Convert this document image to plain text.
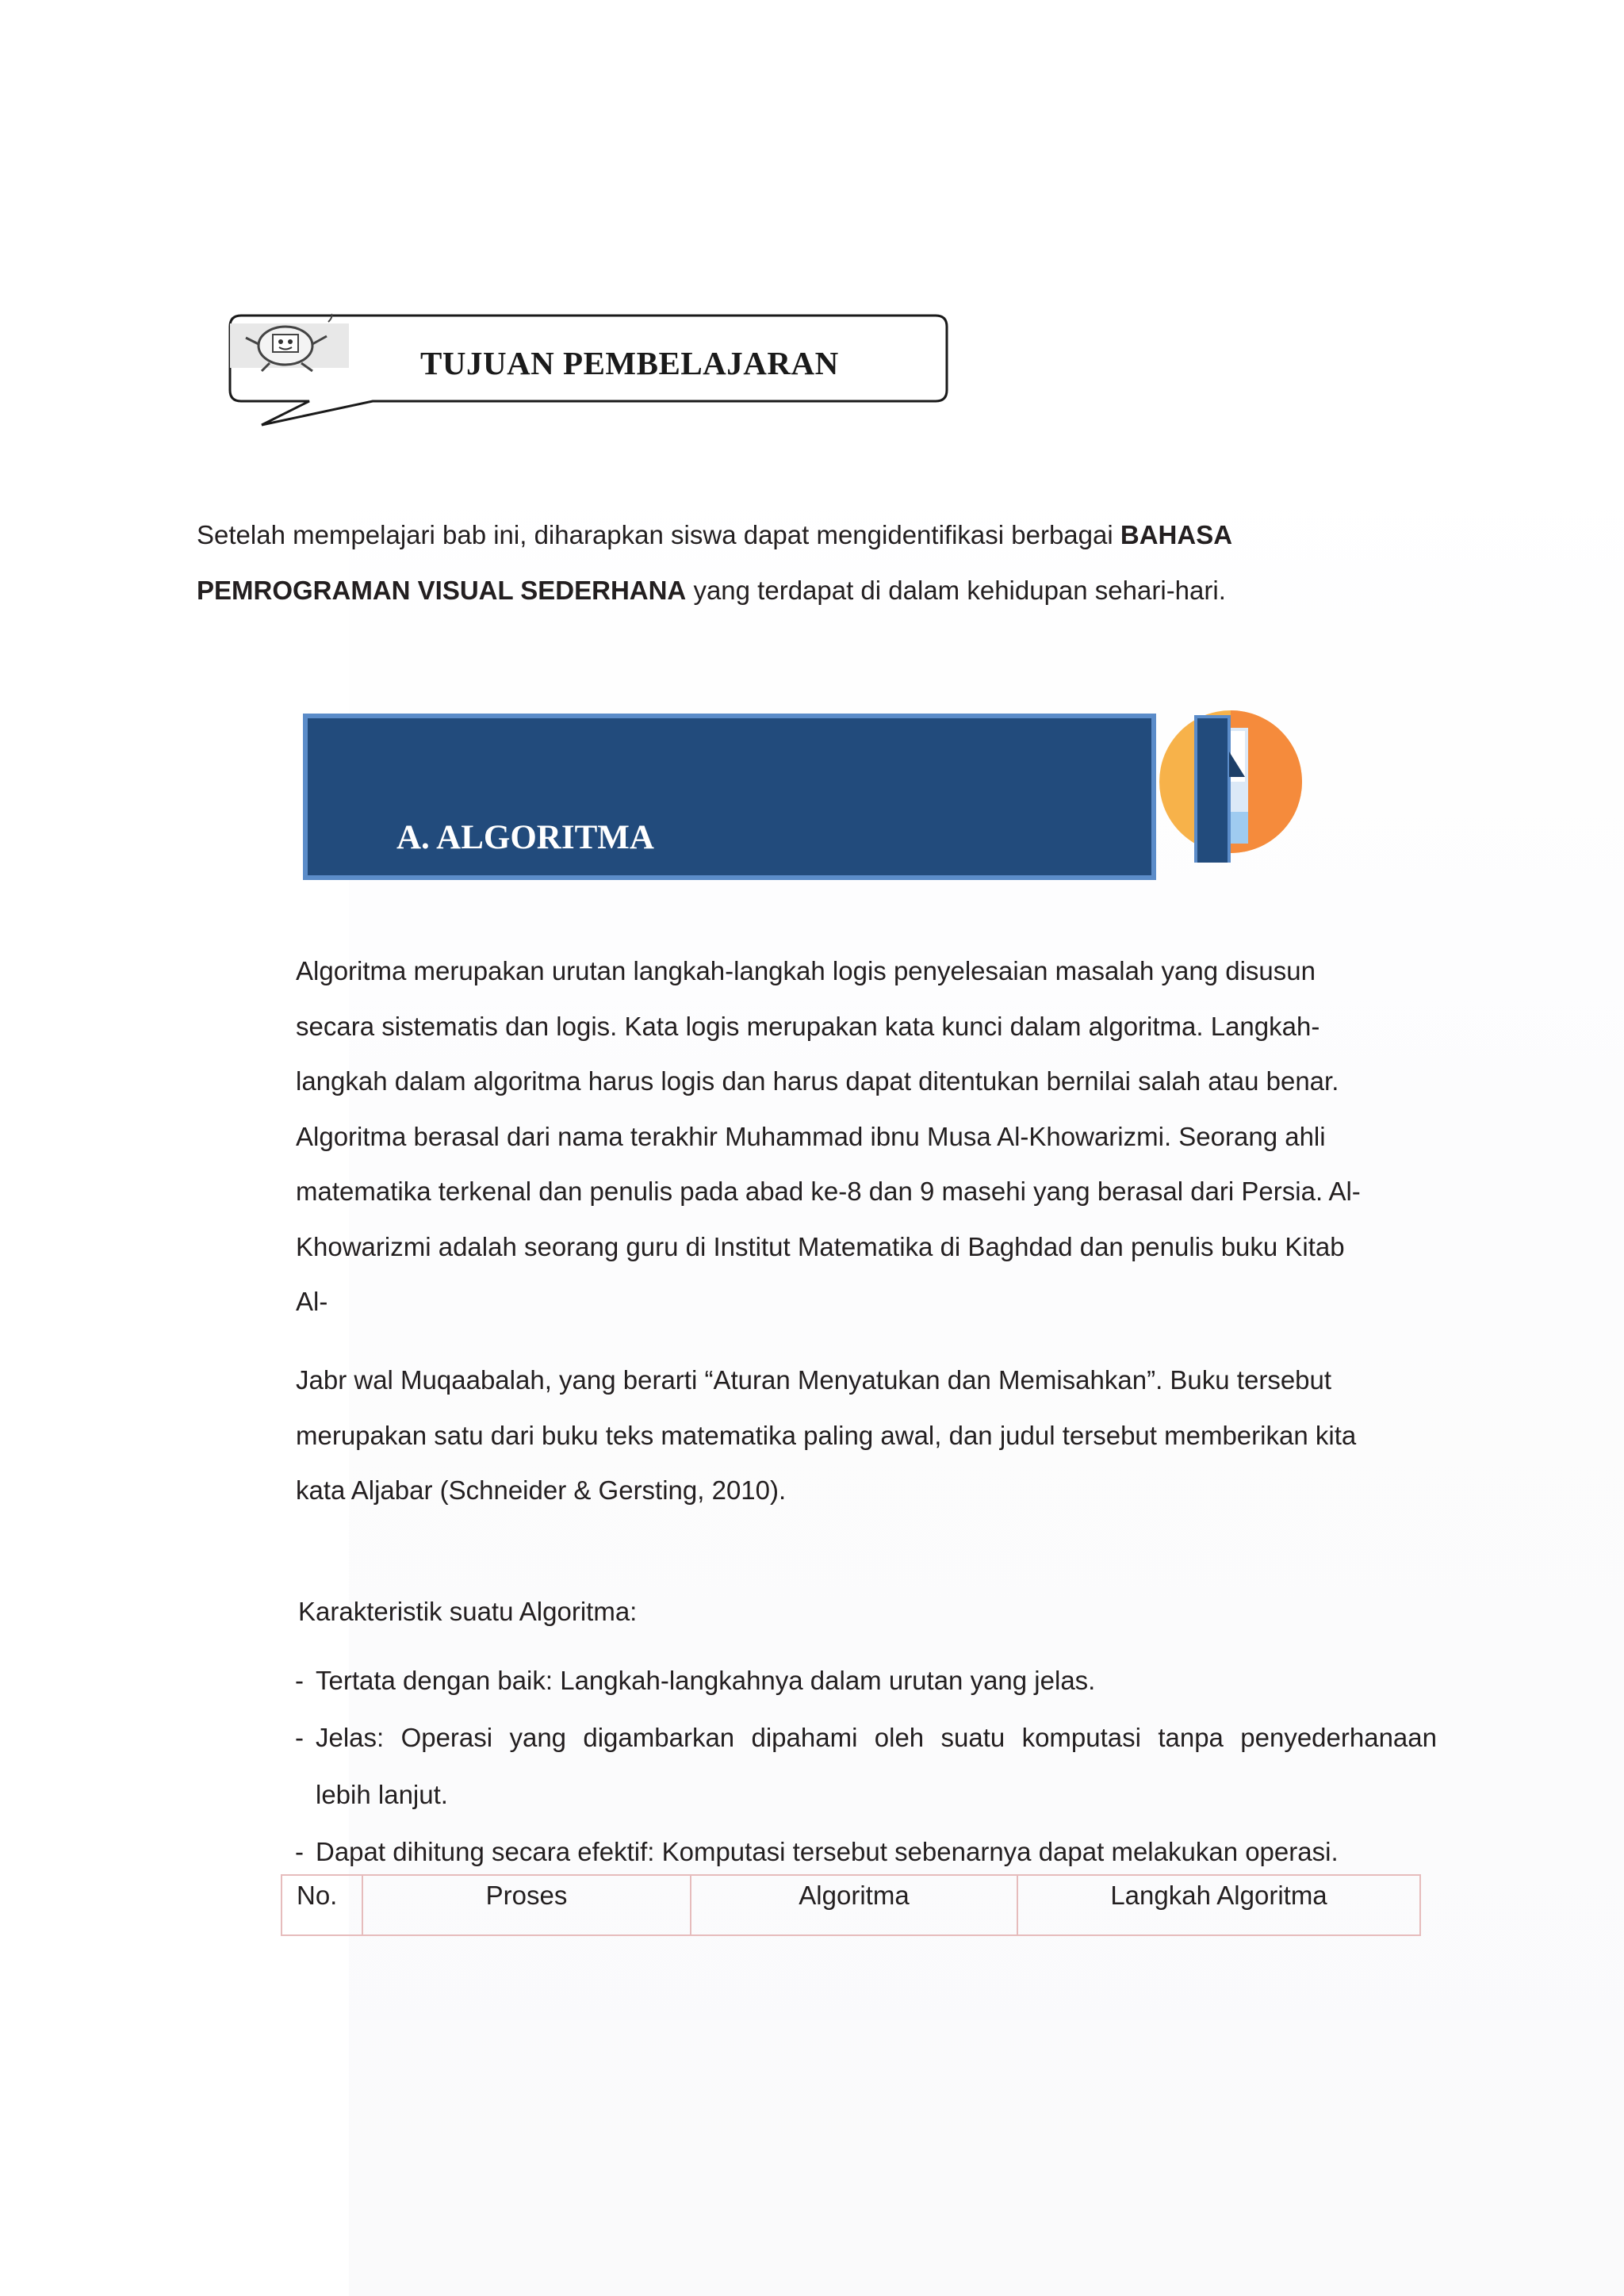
TUJUAN PEMBELAJARAN
Setelah mempelajari bab ini, diharapkan siswa dapat mengidentifikasi berbagai BAHASA
PEMROGRAMAN VISUAL SEDERHANA yang terdapat di dalam kehidupan sehari-hari.
A. ALGORITMA
Algoritma merupakan urutan langkah-langkah logis penyelesaian masalah yang disusun
secara sistematis dan logis. Kata logis merupakan kata kunci dalam algoritma. Langkah-
langkah dalam algoritma harus logis dan harus dapat ditentukan bernilai salah atau benar.
Algoritma berasal dari nama terakhir Muhammad ibnu Musa Al-Khowarizmi. Seorang ahli
matematika terkenal dan penulis pada abad ke-8 dan 9 masehi yang berasal dari Persia. Al-
Khowarizmi adalah seorang guru di Institut Matematika di Baghdad dan penulis buku Kitab
Al-
Jabr wal Muqaabalah, yang berarti “Aturan Menyatukan dan Memisahkan”. Buku tersebut
merupakan satu dari buku teks matematika paling awal, dan judul tersebut memberikan kita
kata Aljabar (Schneider & Gersting, 2010).
Karakteristik suatu Algoritma:
- Tertata dengan baik: Langkah-langkahnya dalam urutan yang jelas.
- Jelas: Operasi yang digambarkan dipahami oleh suatu komputasi tanpa penyederhanaan
lebih lanjut.
- Dapat dihitung secara efektif: Komputasi tersebut sebenarnya dapat melakukan operasi.
No.	Proses	Algoritma	Langkah Algoritma
